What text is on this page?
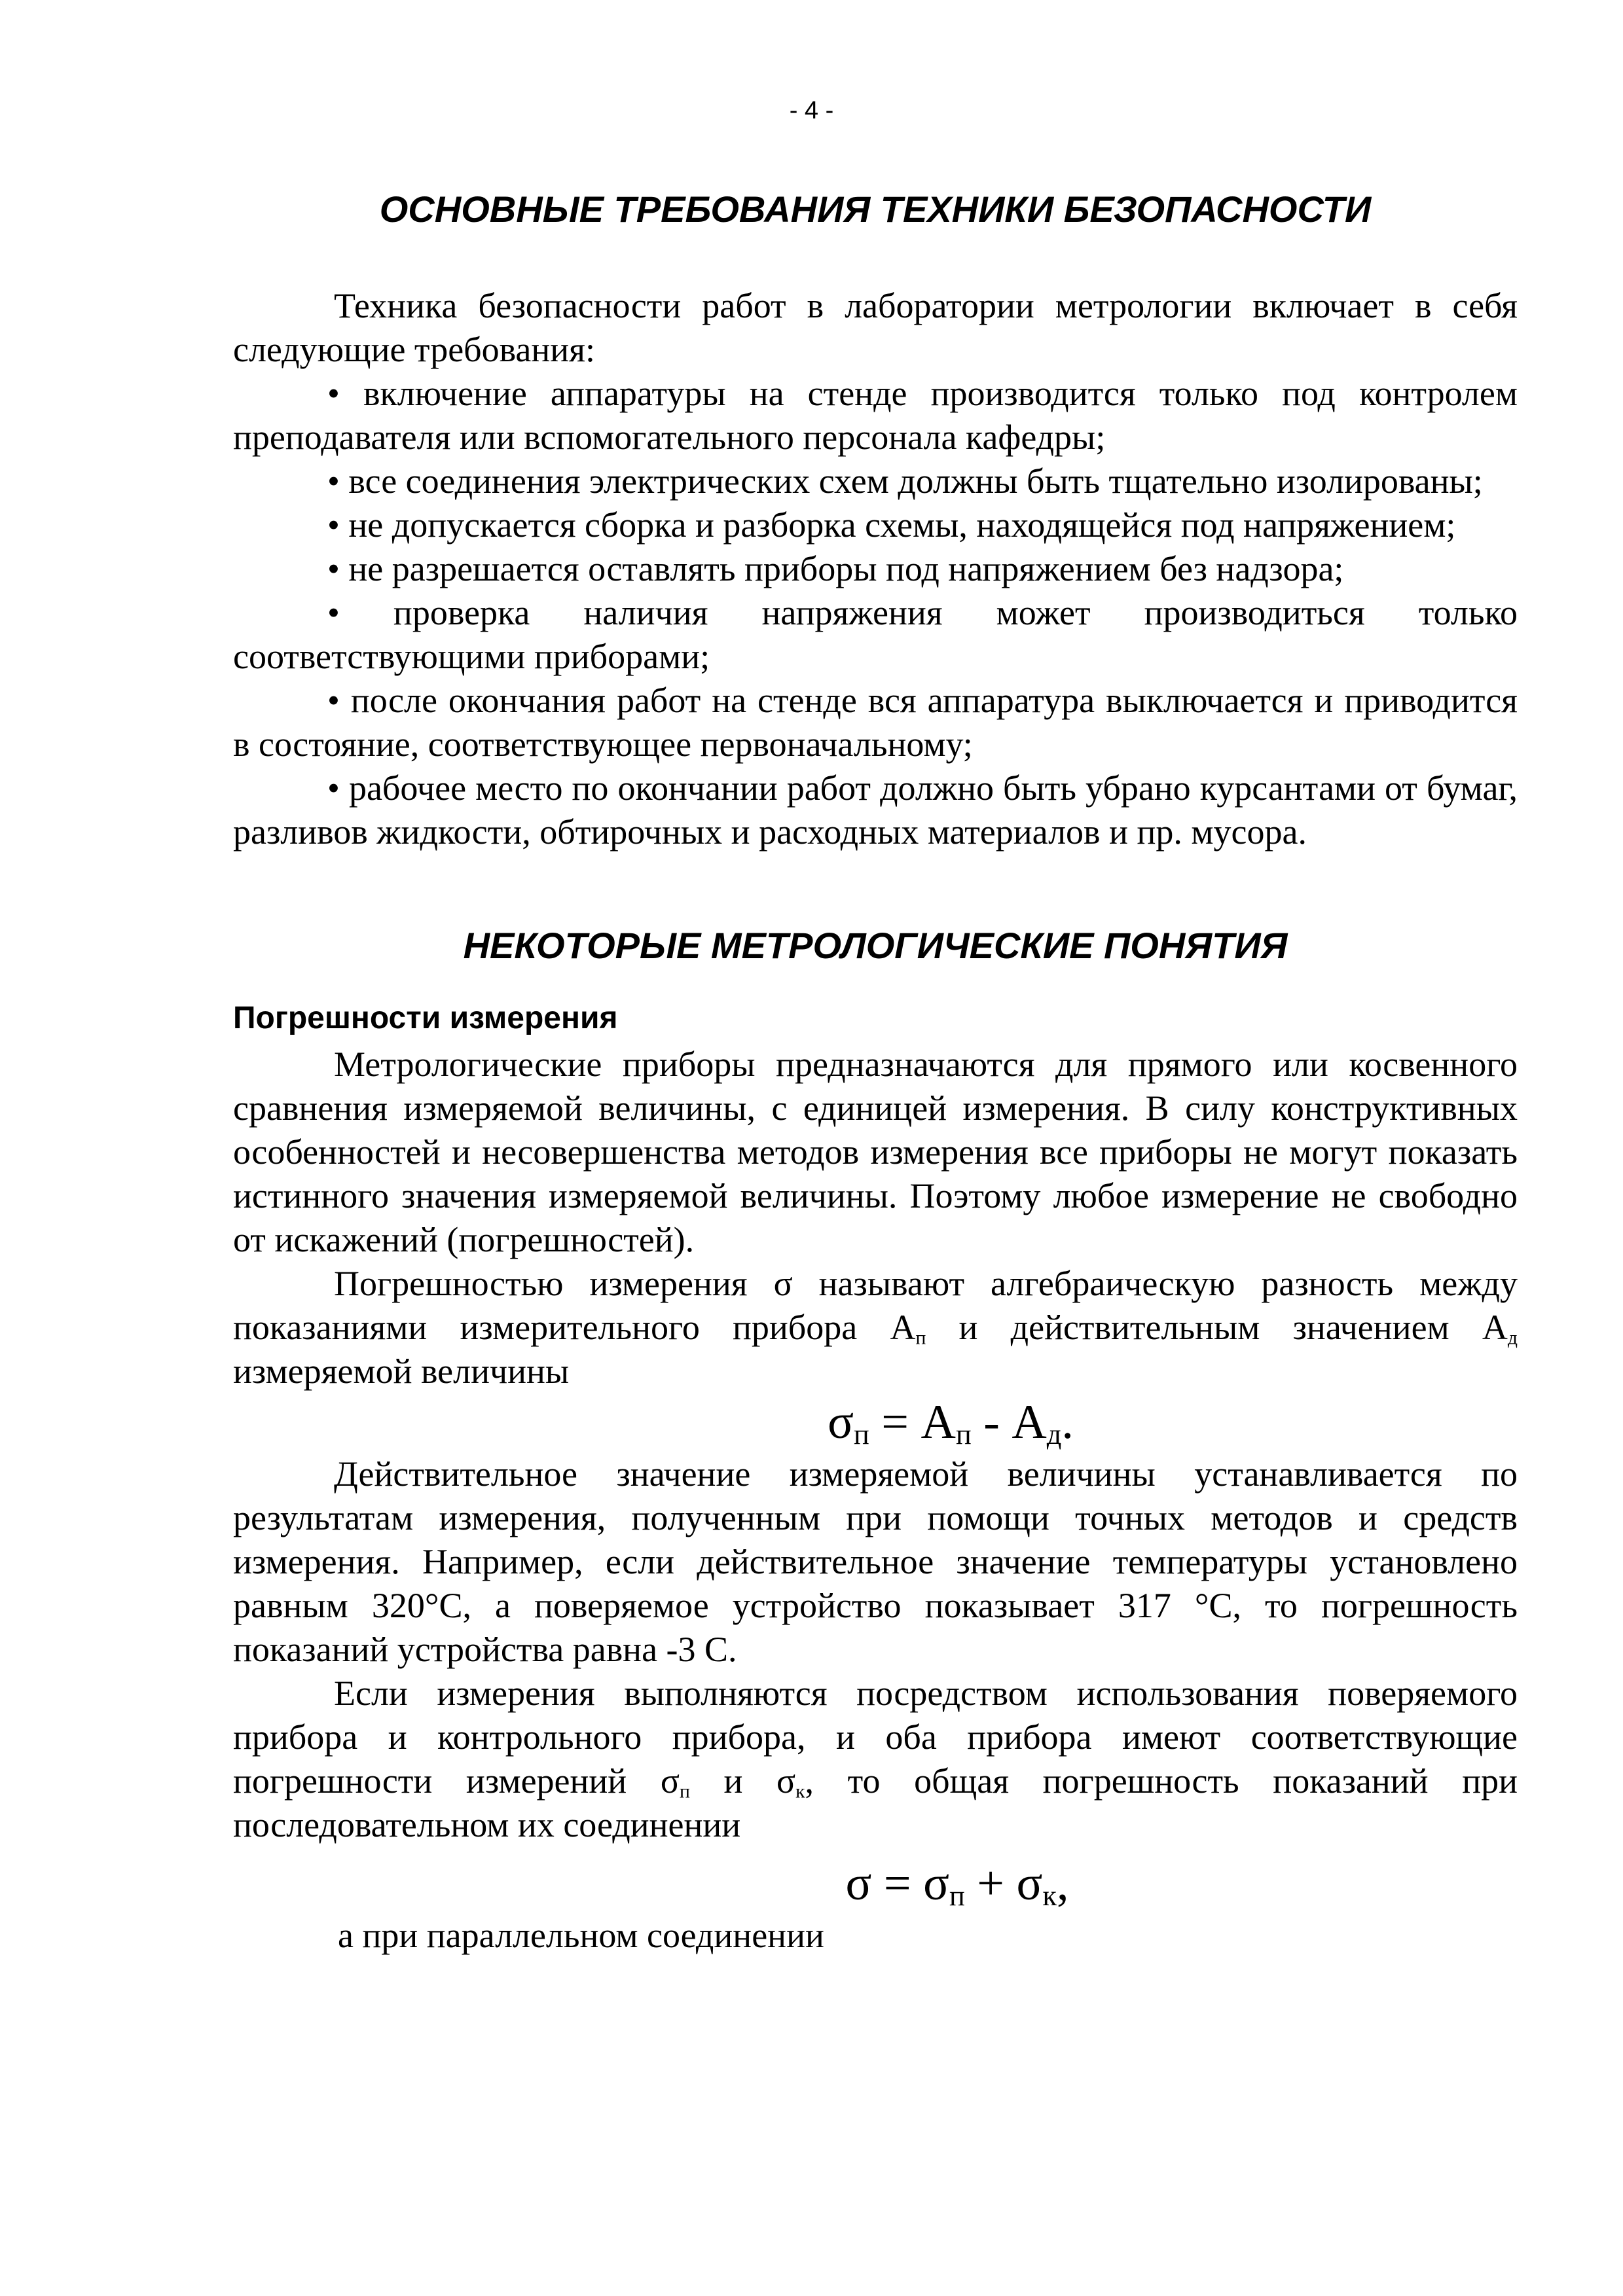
- 4 -
ОСНОВНЫЕ ТРЕБОВАНИЯ ТЕХНИКИ БЕЗОПАСНОСТИ

Техника безопасности работ в лаборатории метрологии включает в себя следующие требования:

• включение аппаратуры на стенде производится только под контролем преподавателя или вспомогательного персонала кафедры;

• все соединения электрических схем должны быть тщательно изолированы;

• не допускается сборка и разборка схемы, находящейся под напряжением;

• не разрешается оставлять приборы под напряжением без надзора;

• проверка наличия напряжения может производиться только соответствующими приборами;

• после окончания работ на стенде вся аппаратура выключается и приводится в состояние, соответствующее первоначальному;

• рабочее место по окончании работ должно быть убрано курсантами от бумаг, разливов жидкости, обтирочных и расходных материалов и пр. мусора.

НЕКОТОРЫЕ МЕТРОЛОГИЧЕСКИЕ ПОНЯТИЯ
Погрешности измерения

Метрологические приборы предназначаются для прямого или косвенного сравнения измеряемой величины, с единицей измерения. В силу конструктивных особенностей и несовершенства методов измерения все приборы не могут показать истинного значения измеряемой величины. Поэтому любое измерение не свободно от искажений (погрешностей).

Погрешностью измерения σ называют алгебраическую разность между показаниями измерительного прибора $А_п$ и действительным значением $А_д$ измеряемой величины

$\sigma_п = А_п - А_д$.

Действительное значение измеряемой величины устанавливается по результатам измерения, полученным при помощи точных методов и средств измерения. Например, если действительное значение температуры установлено равным 320°С, а поверяемое устройство показывает 317 °С, то погрешность показаний устройства равна -3 С.

Если измерения выполняются посредством использования поверяемого прибора и контрольного прибора, и оба прибора имеют соответствующие погрешности измерений $\sigma_п$ и $\sigma_к$, то общая погрешность показаний при последовательном их соединении

$\sigma = \sigma_п + \sigma_к$,

а при параллельном соединении
